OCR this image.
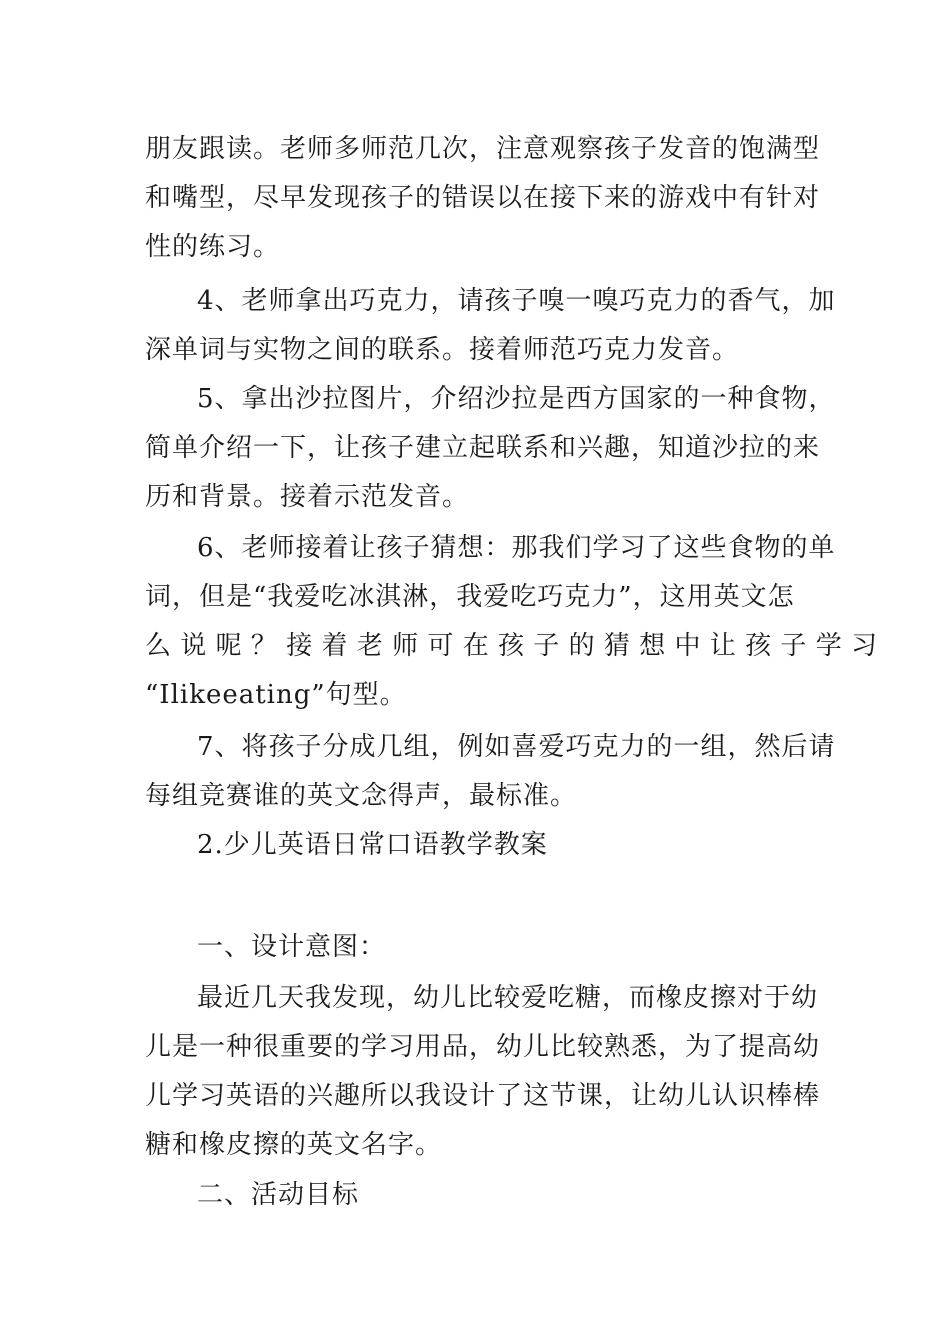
朋友跟读。老师多师范几次，注意观察孩子发音的饱满型

和嘴型，尽早发现孩子的错误以在接下来的游戏中有针对

性的练习。

4、老师拿出巧克力，请孩子嗅一嗅巧克力的香气，加

深单词与实物之间的联系。接着师范巧克力发音。

5、拿出沙拉图片，介绍沙拉是西方国家的一种食物，

简单介绍一下，让孩子建立起联系和兴趣，知道沙拉的来

历和背景。接着示范发音。

6、老师接着让孩子猜想：那我们学习了这些食物的单

词，但是“我爱吃冰淇淋，我爱吃巧克力”，这用英文怎

么说呢？接着老师可在孩子的猜想中让孩子学习

“Ilikeeating”句型。

7、将孩子分成几组，例如喜爱巧克力的一组，然后请

每组竞赛谁的英文念得声，最标准。

2.少儿英语日常口语教学教案

一、设计意图：

最近几天我发现，幼儿比较爱吃糖，而橡皮擦对于幼

儿是一种很重要的学习用品，幼儿比较熟悉，为了提高幼

儿学习英语的兴趣所以我设计了这节课，让幼儿认识棒棒

糖和橡皮擦的英文名字。

二、活动目标
